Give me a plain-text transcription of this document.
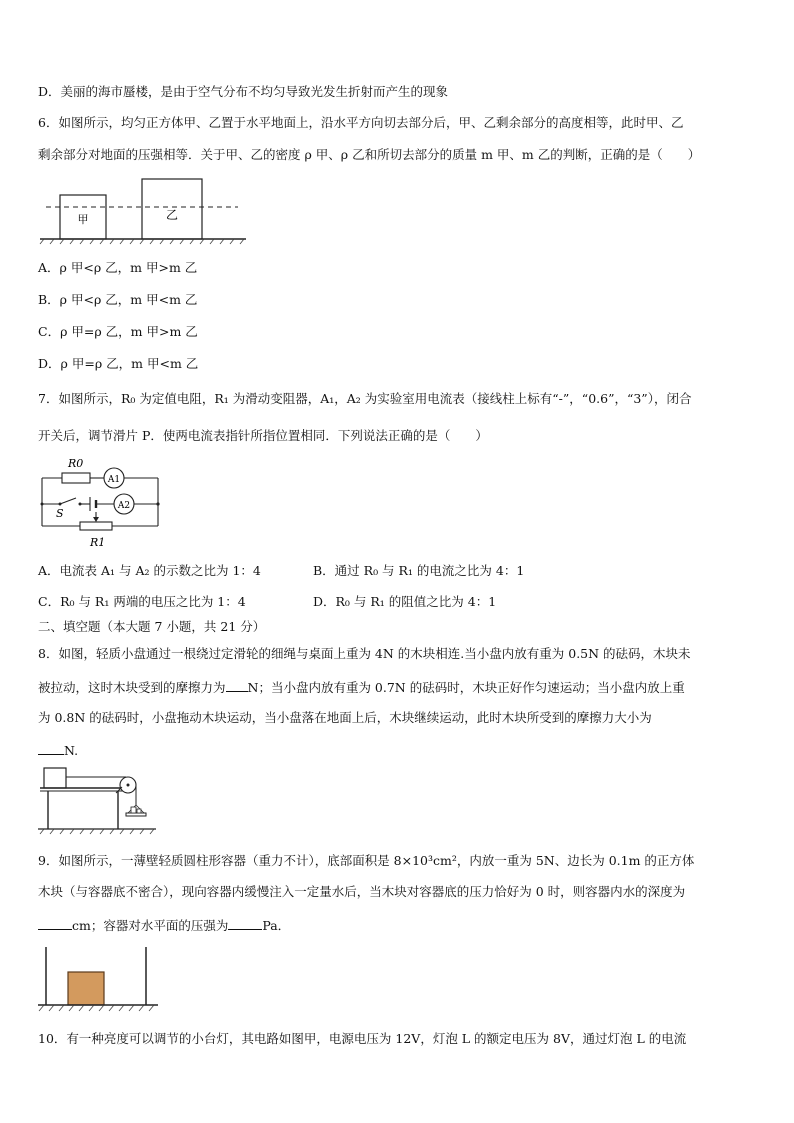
D．美丽的海市蜃楼，是由于空气分布不均匀导致光发生折射而产生的现象
6．如图所示，均匀正方体甲、乙置于水平地面上，沿水平方向切去部分后，甲、乙剩余部分的高度相等，此时甲、乙
剩余部分对地面的压强相等．关于甲、乙的密度 ρ 甲、ρ 乙和所切去部分的质量 m 甲、m 乙的判断，正确的是（　　）
甲	乙
A．ρ 甲<ρ 乙，m 甲>m 乙
B．ρ 甲<ρ 乙，m 甲<m 乙
C．ρ 甲=ρ 乙，m 甲>m 乙
D．ρ 甲=ρ 乙，m 甲<m 乙
7．如图所示，R₀ 为定值电阻，R₁ 为滑动变阻器，A₁，A₂ 为实验室用电流表（接线柱上标有“-”，“0.6”，“3”），闭合
开关后，调节滑片 P．使两电流表指针所指位置相同．下列说法正确的是（　　）
R0
A1
A2
S
R1
A．电流表 A₁ 与 A₂ 的示数之比为 1：4	B．通过 R₀ 与 R₁ 的电流之比为 4：1
C．R₀ 与 R₁ 两端的电压之比为 1：4	D．R₀ 与 R₁ 的阻值之比为 4：1
二、填空题（本大题 7 小题，共 21 分）
8．如图，轻质小盘通过一根绕过定滑轮的细绳与桌面上重为 4N 的木块相连.当小盘内放有重为 0.5N 的砝码，木块未
被拉动，这时木块受到的摩擦力为 N；当小盘内放有重为 0.7N 的砝码时，木块正好作匀速运动；当小盘内放上重
为 0.8N 的砝码时，小盘拖动木块运动，当小盘落在地面上后，木块继续运动，此时木块所受到的摩擦力大小为
N.
9．如图所示，一薄壁轻质圆柱形容器（重力不计），底部面积是 8×10³cm²，内放一重为 5N、边长为 0.1m 的正方体
木块（与容器底不密合），现向容器内缓慢注入一定量水后，当木块对容器底的压力恰好为 0 时，则容器内水的深度为
cm；容器对水平面的压强为	Pa．
10．有一种亮度可以调节的小台灯，其电路如图甲，电源电压为 12V，灯泡 L 的额定电压为 8V，通过灯泡 L 的电流
